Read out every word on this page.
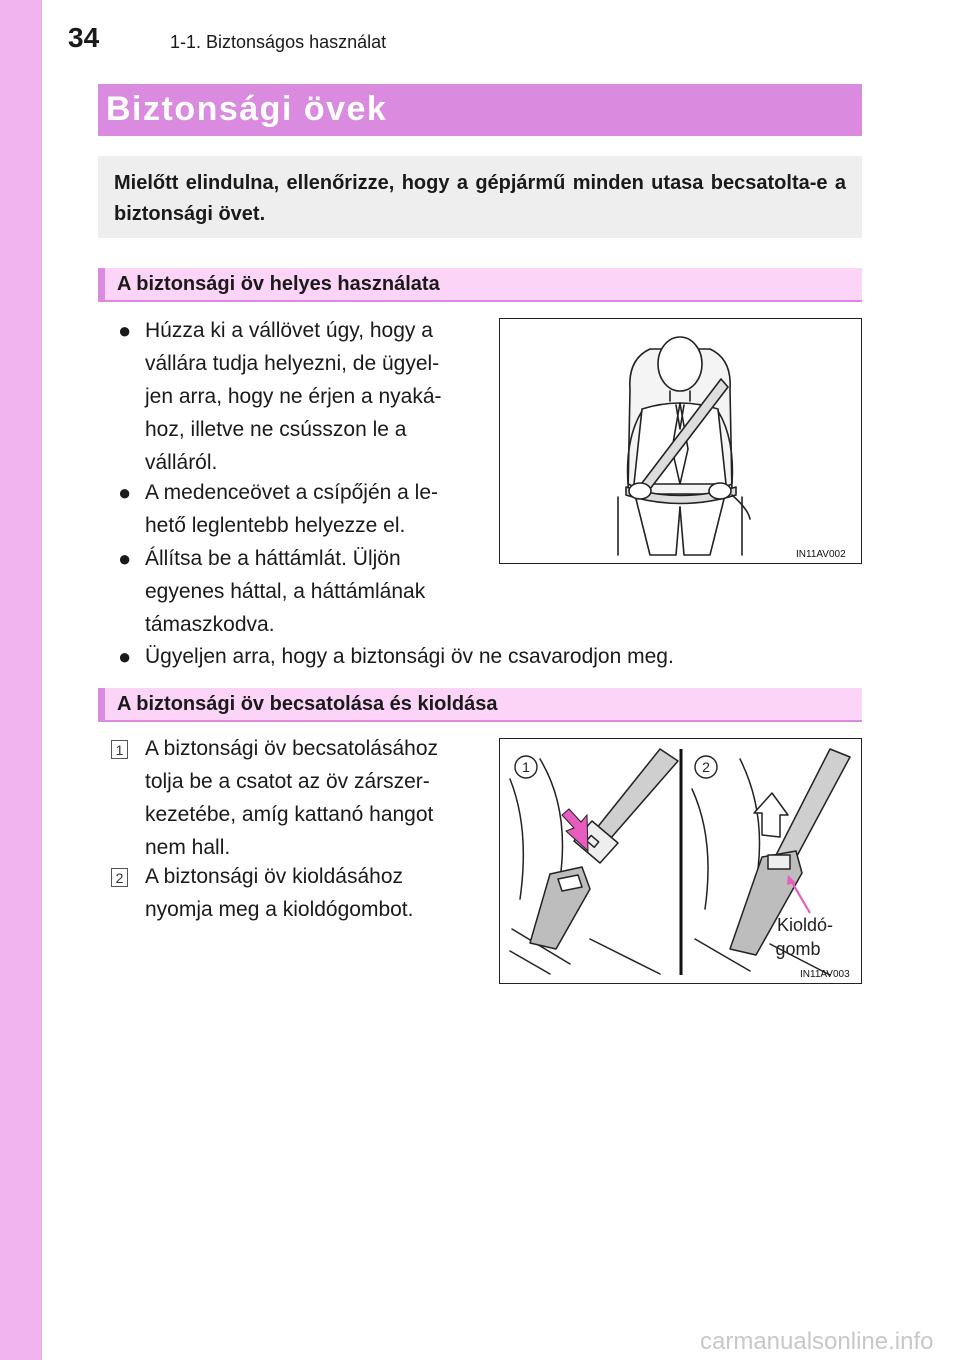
34	1-1. Biztonságos használat
Biztonsági övek
Mielőtt elindulna, ellenőrizze, hogy a gépjármű minden utasa becsatolta-e a biztonsági övet.
A biztonsági öv helyes használata
● Húzza ki a vállövet úgy, hogy a
vállára tudja helyezni, de ügyel-
jen arra, hogy ne érjen a nyaká-
hoz, illetve ne csússzon le a
válláról.
● A medenceövet a csípőjén a le-
hető leglentebb helyezze el.
● Állítsa be a háttámlát. Üljön
egyenes háttal, a háttámlának
támaszkodva.
● Ügyeljen arra, hogy a biztonsági öv ne csavarodjon meg.
IN11AV002
A biztonsági öv becsatolása és kioldása
1 A biztonsági öv becsatolásához
tolja be a csatot az öv zárszer-
kezetébe, amíg kattanó hangot
nem hall.
2 A biztonsági öv kioldásához
nyomja meg a kioldógombot.
1	2
Kioldó-
gomb
IN11AV003
carmanualsonline.info
